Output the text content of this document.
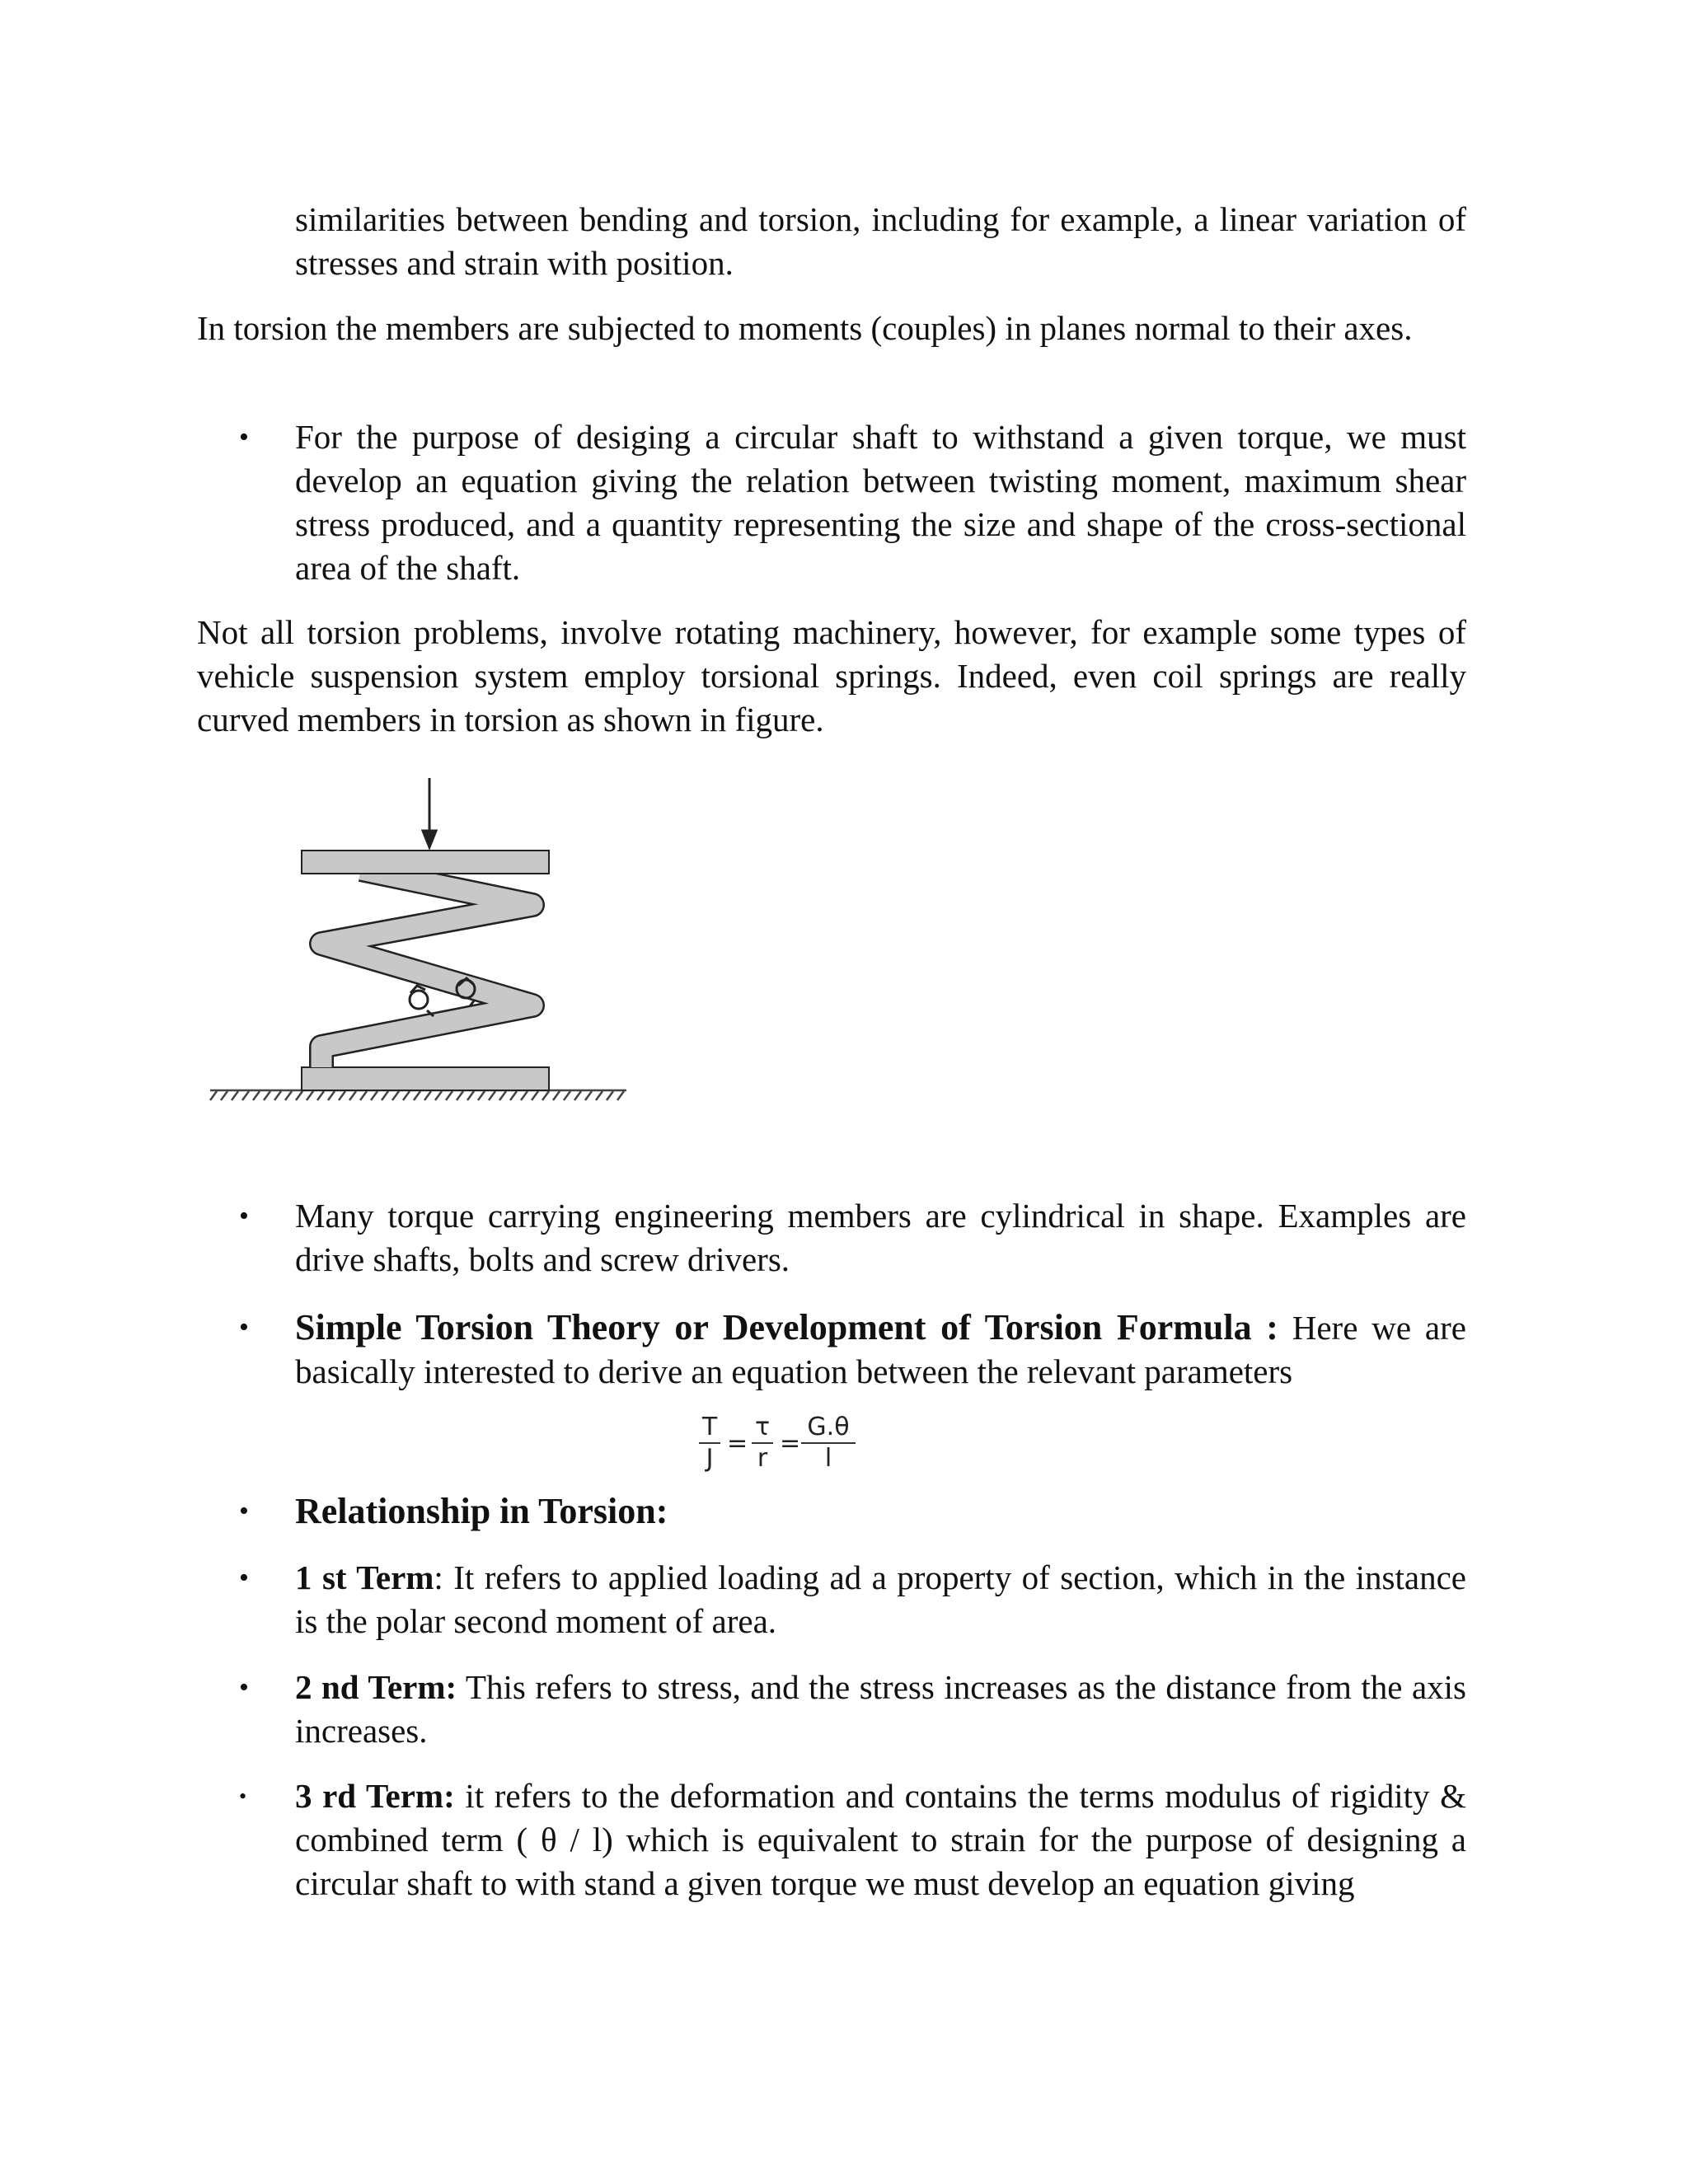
similarities between bending and torsion, including for example, a linear variation of stresses and strain with position.

In torsion the members are subjected to moments (couples) in planes normal to their axes.

•	For the purpose of desiging a circular shaft to withstand a given torque, we must develop an equation giving the relation between twisting moment, maximum shear stress produced, and a quantity representing the size and shape of the cross-sectional area of the shaft.

Not all torsion problems, involve rotating machinery, however, for example some types of vehicle suspension system employ torsional springs. Indeed, even coil springs are really curved members in torsion as shown in figure.

•	Many torque carrying engineering members are cylindrical in shape. Examples are drive shafts, bolts and screw drivers.

•	Simple Torsion Theory or Development of Torsion Formula : Here we are basically interested to derive an equation between the relevant parameters

T
J
=
τ
r
=
G.θ
l
•	Relationship in Torsion:

•	1 st Term: It refers to applied loading ad a property of section, which in the instance is the polar second moment of area.

•	2 nd Term: This refers to stress, and the stress increases as the distance from the axis increases.

•	3 rd Term: it refers to the deformation and contains the terms modulus of rigidity & combined term ( θ / l) which is equivalent to strain for the purpose of designing a circular shaft to with stand a given torque we must develop an equation giving
